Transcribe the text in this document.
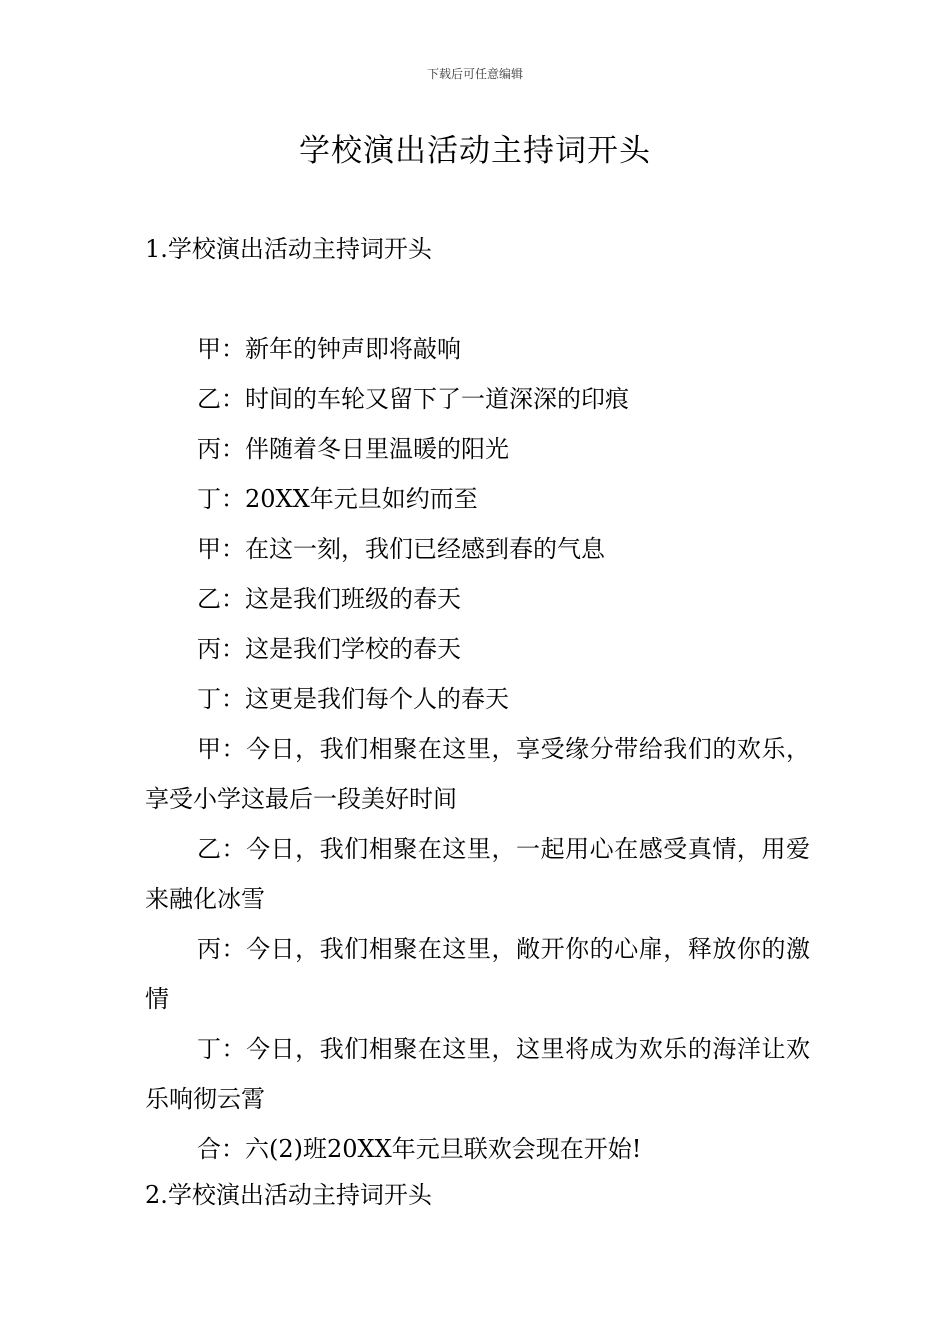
下载后可任意编辑
学校演出活动主持词开头
1.学校演出活动主持词开头

甲：新年的钟声即将敲响

乙：时间的车轮又留下了一道深深的印痕

丙：伴随着冬日里温暖的阳光

丁：20XX年元旦如约而至

甲：在这一刻，我们已经感到春的气息

乙：这是我们班级的春天

丙：这是我们学校的春天

丁：这更是我们每个人的春天

甲：今日，我们相聚在这里，享受缘分带给我们的欢乐，享受小学这最后一段美好时间

乙：今日，我们相聚在这里，一起用心在感受真情，用爱来融化冰雪

丙：今日，我们相聚在这里，敞开你的心扉，释放你的激情

丁：今日，我们相聚在这里，这里将成为欢乐的海洋让欢乐响彻云霄

合：六(2)班20XX年元旦联欢会现在开始!

2.学校演出活动主持词开头
